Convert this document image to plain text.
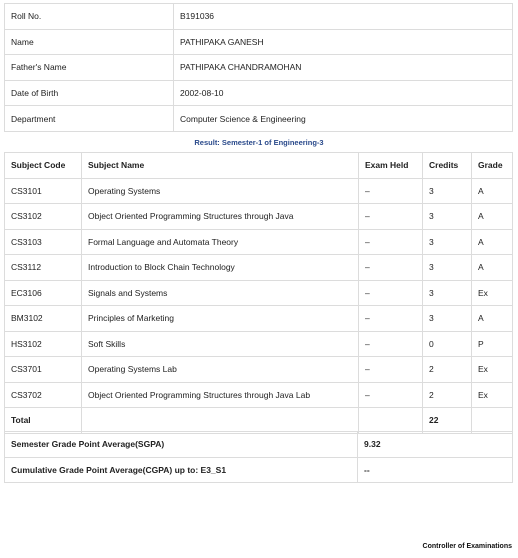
Roll No.	B191036
Name	PATHIPAKA GANESH
Father's Name	PATHIPAKA CHANDRAMOHAN
Date of Birth	2002-08-10
Department	Computer Science & Engineering
Result: Semester-1 of Engineering-3
Subject Code	Subject Name	Exam Held	Credits	Grade
CS3101	Operating Systems	–	3	A
CS3102	Object Oriented Programming Structures through Java	–	3	A
CS3103	Formal Language and Automata Theory	–	3	A
CS3112	Introduction to Block Chain Technology	–	3	A
EC3106	Signals and Systems	–	3	Ex
BM3102	Principles of Marketing	–	3	A
HS3102	Soft Skills	–	0	P
CS3701	Operating Systems Lab	–	2	Ex
CS3702	Object Oriented Programming Structures through Java Lab	–	2	Ex
Total			22	
Semester Grade Point Average(SGPA)	9.32
Cumulative Grade Point Average(CGPA) up to: E3_S1	--
Controller of Examinations
